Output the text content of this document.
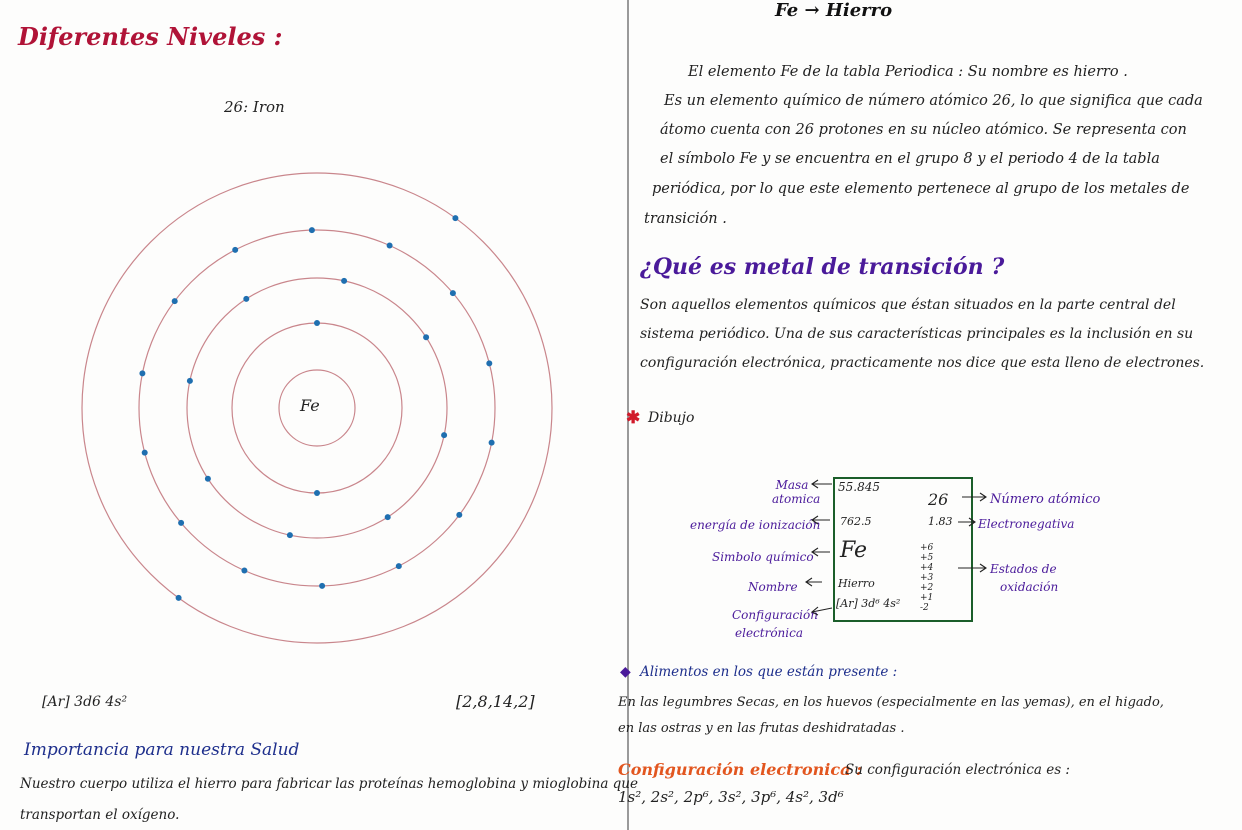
Diferentes Niveles :
26: Iron
Fe
[Ar] 3d6 4s²	[2,8,14,2]
Importancia para nuestra Salud
Nuestro cuerpo utiliza el hierro para fabricar las proteínas hemoglobina y mioglobina que
transportan el oxígeno.
Fe → Hierro
El elemento Fe de la tabla Periodica : Su nombre es hierro .
Es un elemento químico de número atómico 26, lo que significa que cada
átomo cuenta con 26 protones en su núcleo atómico. Se representa con
el símbolo Fe y se encuentra en el grupo 8 y el periodo 4 de la tabla
periódica, por lo que este elemento pertenece al grupo de los metales de
transición .
¿Qué es metal de transición ?
Son aquellos elementos químicos que éstan situados en la parte central del
sistema periódico. Una de sus características principales es la inclusión en su
configuración electrónica, practicamente nos dice que esta lleno de electrones.
✱ Dibujo
55.845
26
762.5	1.83
Fe
Hierro
[Ar] 3d⁶ 4s²
+6
+5
+4
+3
+2
+1
-2
Masa atomica
energía de ionización
Simbolo químico
Nombre
Configuración
electrónica
Número atómico
Electronegativa
Estados de
oxidación
◆ Alimentos en los que están presente :
En las legumbres Secas, en los huevos (especialmente en las yemas), en el higado,
en las ostras y en las frutas deshidratadas .
Configuración electronica :
Su configuración electrónica es :
1s², 2s², 2p⁶, 3s², 3p⁶, 4s², 3d⁶
